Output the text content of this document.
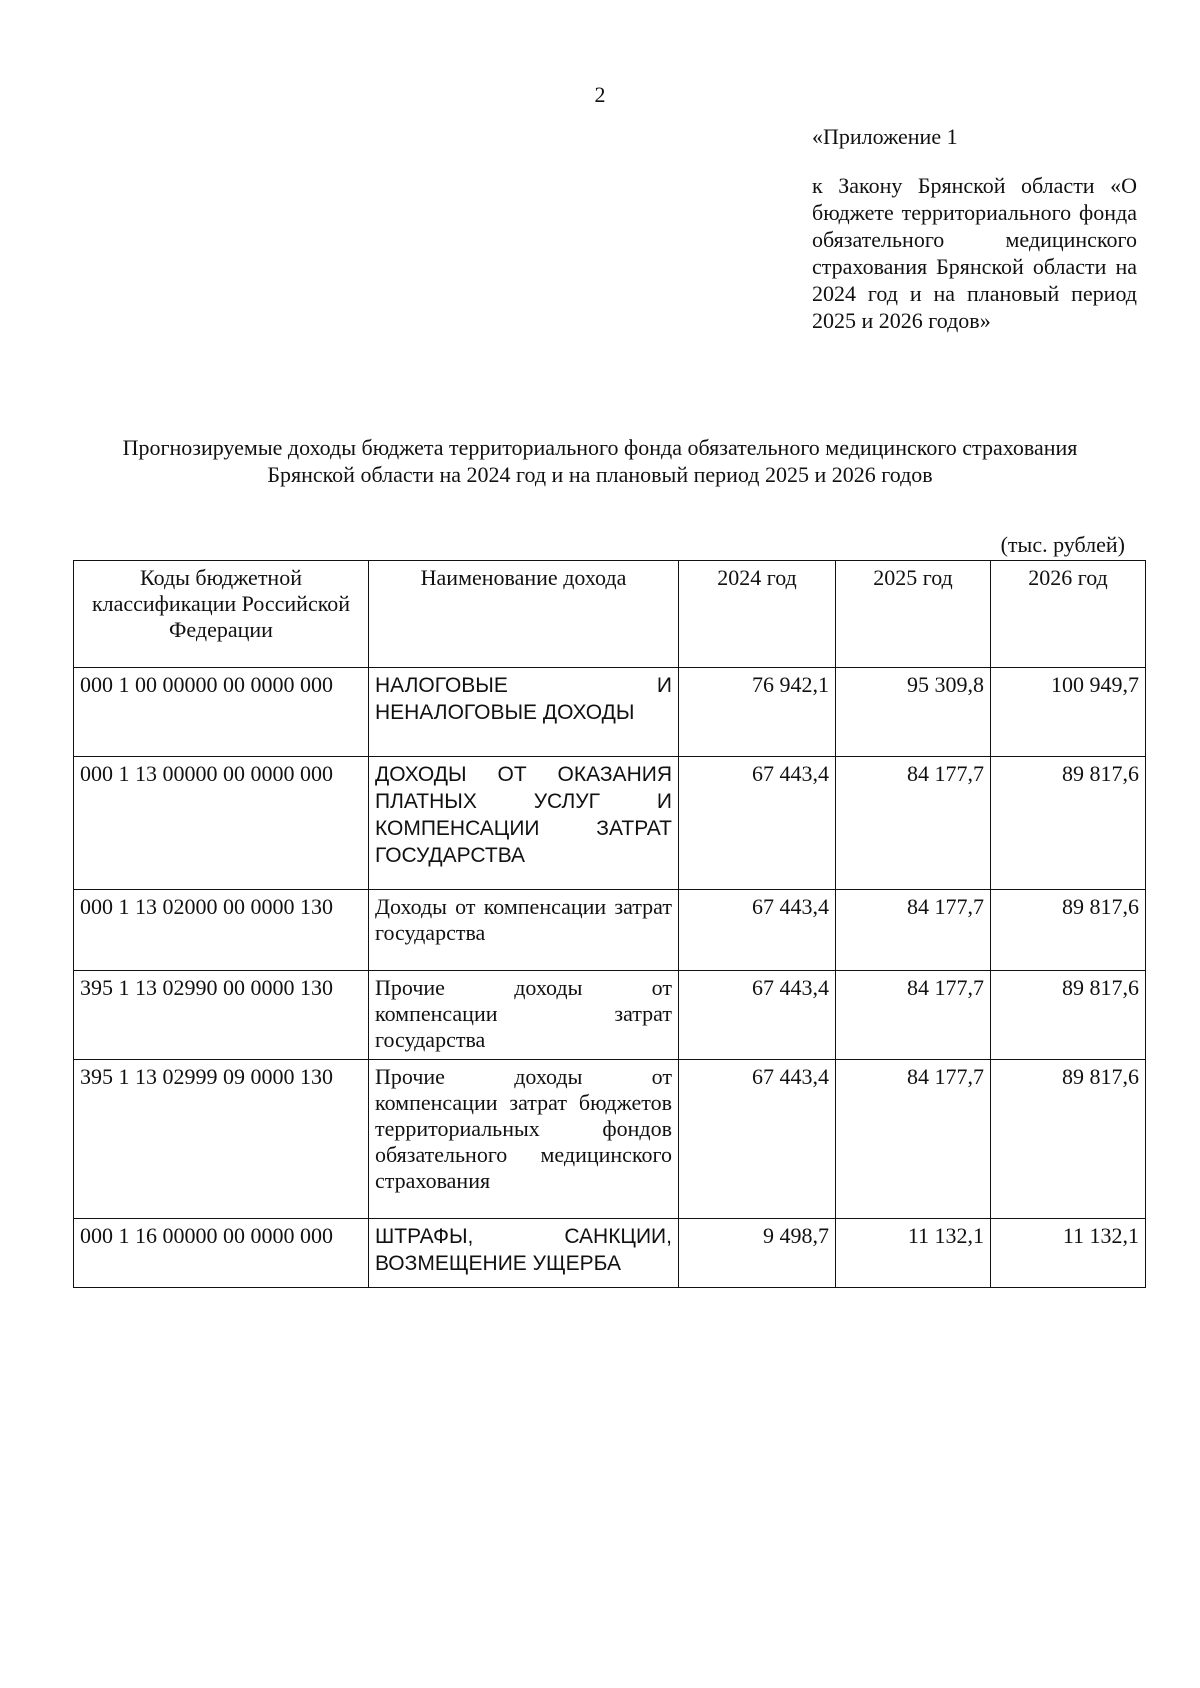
2
«Приложение 1
к Закону Брянской области «О бюджете территориального фонда обязательного медицинского страхования Брянской области на 2024 год и на плановый период 2025 и 2026 годов»
Прогнозируемые доходы бюджета территориального фонда обязательного медицинского страхования
Брянской области на 2024 год и на плановый период 2025 и 2026 годов
(тыс. рублей)
Коды бюджетной классификации Российской Федерации	Наименование дохода	2024 год	2025 год	2026 год
000 1 00 00000 00 0000 000	НАЛОГОВЫЕ И НЕНАЛОГОВЫЕ ДОХОДЫ	76 942,1	95 309,8	100 949,7
000 1 13 00000 00 0000 000	ДОХОДЫ ОТ ОКАЗАНИЯ ПЛАТНЫХ УСЛУГ И КОМПЕНСАЦИИ ЗАТРАТ ГОСУДАРСТВА	67 443,4	84 177,7	89 817,6
000 1 13 02000 00 0000 130	Доходы от компенсации затрат государства	67 443,4	84 177,7	89 817,6
395 1 13 02990 00 0000 130	Прочие доходы от компенсации затрат государства	67 443,4	84 177,7	89 817,6
395 1 13 02999 09 0000 130	Прочие доходы от компенсации затрат бюджетов территориальных фондов обязательного медицинского страхования	67 443,4	84 177,7	89 817,6
000 1 16 00000 00 0000 000	ШТРАФЫ, САНКЦИИ, ВОЗМЕЩЕНИЕ УЩЕРБА	9 498,7	11 132,1	11 132,1
